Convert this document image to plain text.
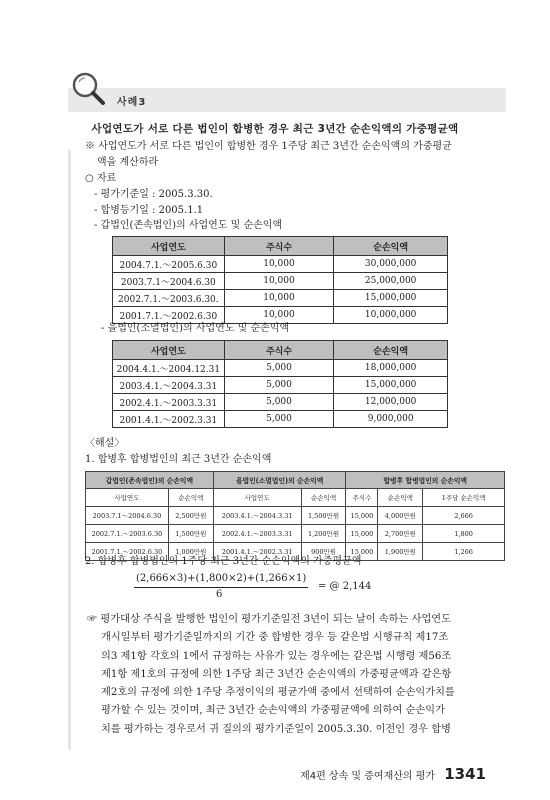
사례3
사업연도가 서로 다른 법인이 합병한 경우 최근 3년간 순손익액의 가중평균액
※ 사업연도가 서로 다른 법인이 합병한 경우 1주당 최근 3년간 순손익액의 가중평균
액을 계산하라
○ 자료
- 평가기준일 : 2005.3.30.
- 합병등기일 : 2005.1.1
- 갑법인(존속법인)의 사업연도 및 순손익액
사업연도	주식수	순손익액
2004.7.1.～2005.6.30	10,000	30,000,000
2003.7.1～2004.6.30	10,000	25,000,000
2002.7.1.～2003.6.30.	10,000	15,000,000
2001.7.1.～2002.6.30	10,000	10,000,000
- 을법인(소멸법인)의 사업연도 및 순손익액
사업연도	주식수	순손익액
2004.4.1.～2004.12.31	5,000	18,000,000
2003.4.1.～2004.3.31	5,000	15,000,000
2002.4.1.～2003.3.31	5,000	12,000,000
2001.4.1.～2002.3.31	5,000	9,000,000
〈해설〉
1. 합병후 합병법인의 최근 3년간 순손익액
갑법인(존속법인)의 순손익액		을법인(소멸법인)의 순손익액		합병후 합병법인의 순손익액		
사업연도	순손익액	사업연도	순손익액	주식수	순손익액	1주당 순손익액
2003.7.1～2004.6.30	2,500만원	2003.4.1.～2004.3.31	1,500만원	15,000	4,000만원	2,666
2002.7.1.～2003.6.30	1,500만원	2002.4.1.～2003.3.31	1,200만원	15,000	2,700만원	1,800
2001.7.1.～2002.6.30	1,000만원	2001.4.1.～2002.3.31	900만원	15,000	1,900만원	1,266
2. 합병후 합병법인의 1주당 최근 3년간 순손익액의 가중평균액
(2,666×3)+(1,800×2)+(1,266×1)
6
= @ 2,144
☞ 평가대상 주식을 발행한 법인이 평가기준일전 3년이 되는 날이 속하는 사업연도
개시일부터 평가기준일까지의 기간 중 합병한 경우 등 같은법 시행규칙 제17조
의3 제1항 각호의 1에서 규정하는 사유가 있는 경우에는 같은법 시행령 제56조
제1항 제1호의 규정에 의한 1주당 최근 3년간 순손익액의 가중평균액과 같은항
제2호의 규정에 의한 1주당 추정이익의 평균가액 중에서 선택하여 순손익가치를
평가할 수 있는 것이며, 최근 3년간 순손익액의 가중평균액에 의하여 순손익가
치를 평가하는 경우로서 귀 질의의 평가기준일이 2005.3.30. 이전인 경우 합병
제4편 상속 및 증여재산의 평가 1341
